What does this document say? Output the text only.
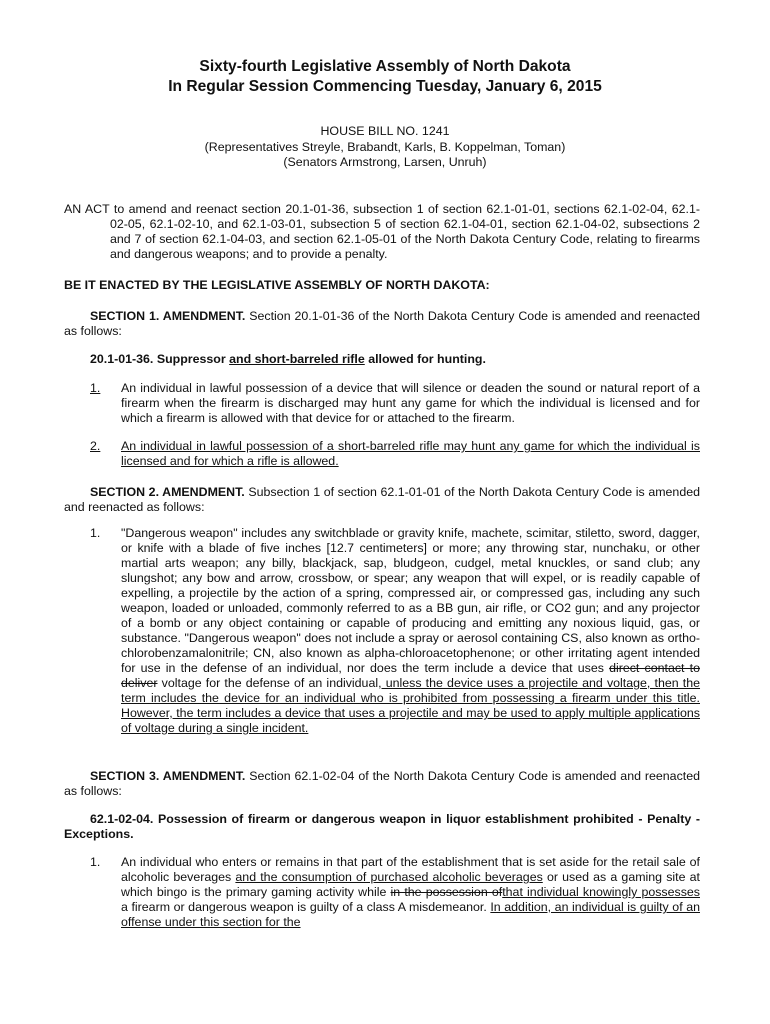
Sixty-fourth Legislative Assembly of North Dakota
In Regular Session Commencing Tuesday, January 6, 2015
HOUSE BILL NO. 1241
(Representatives Streyle, Brabandt, Karls, B. Koppelman, Toman)
(Senators Armstrong, Larsen, Unruh)

AN ACT to amend and reenact section 20.1-01-36, subsection 1 of section 62.1-01-01, sections 62.1-02-04, 62.1-02-05, 62.1-02-10, and 62.1-03-01, subsection 5 of section 62.1-04-01, section 62.1-04-02, subsections 2 and 7 of section 62.1-04-03, and section 62.1-05-01 of the North Dakota Century Code, relating to firearms and dangerous weapons; and to provide a penalty.

BE IT ENACTED BY THE LEGISLATIVE ASSEMBLY OF NORTH DAKOTA:

SECTION 1. AMENDMENT. Section 20.1-01-36 of the North Dakota Century Code is amended and reenacted as follows:

20.1-01-36. Suppressor and short-barreled rifle allowed for hunting.
1. An individual in lawful possession of a device that will silence or deaden the sound or natural report of a firearm when the firearm is discharged may hunt any game for which the individual is licensed and for which a firearm is allowed with that device for or attached to the firearm.

2. An individual in lawful possession of a short-barreled rifle may hunt any game for which the individual is licensed and for which a rifle is allowed.

SECTION 2. AMENDMENT. Subsection 1 of section 62.1-01-01 of the North Dakota Century Code is amended and reenacted as follows:

1. "Dangerous weapon" includes any switchblade or gravity knife, machete, scimitar, stiletto, sword, dagger, or knife with a blade of five inches [12.7 centimeters] or more; any throwing star, nunchaku, or other martial arts weapon; any billy, blackjack, sap, bludgeon, cudgel, metal knuckles, or sand club; any slungshot; any bow and arrow, crossbow, or spear; any weapon that will expel, or is readily capable of expelling, a projectile by the action of a spring, compressed air, or compressed gas, including any such weapon, loaded or unloaded, commonly referred to as a BB gun, air rifle, or CO2 gun; and any projector of a bomb or any object containing or capable of producing and emitting any noxious liquid, gas, or substance. "Dangerous weapon" does not include a spray or aerosol containing CS, also known as ortho-chlorobenzamalonitrile; CN, also known as alpha-chloroacetophenone; or other irritating agent intended for use in the defense of an individual, nor does the term include a device that uses direct contact to deliver voltage for the defense of an individual, unless the device uses a projectile and voltage, then the term includes the device for an individual who is prohibited from possessing a firearm under this title. However, the term includes a device that uses a projectile and may be used to apply multiple applications of voltage during a single incident.

SECTION 3. AMENDMENT. Section 62.1-02-04 of the North Dakota Century Code is amended and reenacted as follows:

62.1-02-04. Possession of firearm or dangerous weapon in liquor establishment prohibited - Penalty - Exceptions.

1. An individual who enters or remains in that part of the establishment that is set aside for the retail sale of alcoholic beverages and the consumption of purchased alcoholic beverages or used as a gaming site at which bingo is the primary gaming activity while in the possession ofthat individual knowingly possesses a firearm or dangerous weapon is guilty of a class A misdemeanor. In addition, an individual is guilty of an offense under this section for the
